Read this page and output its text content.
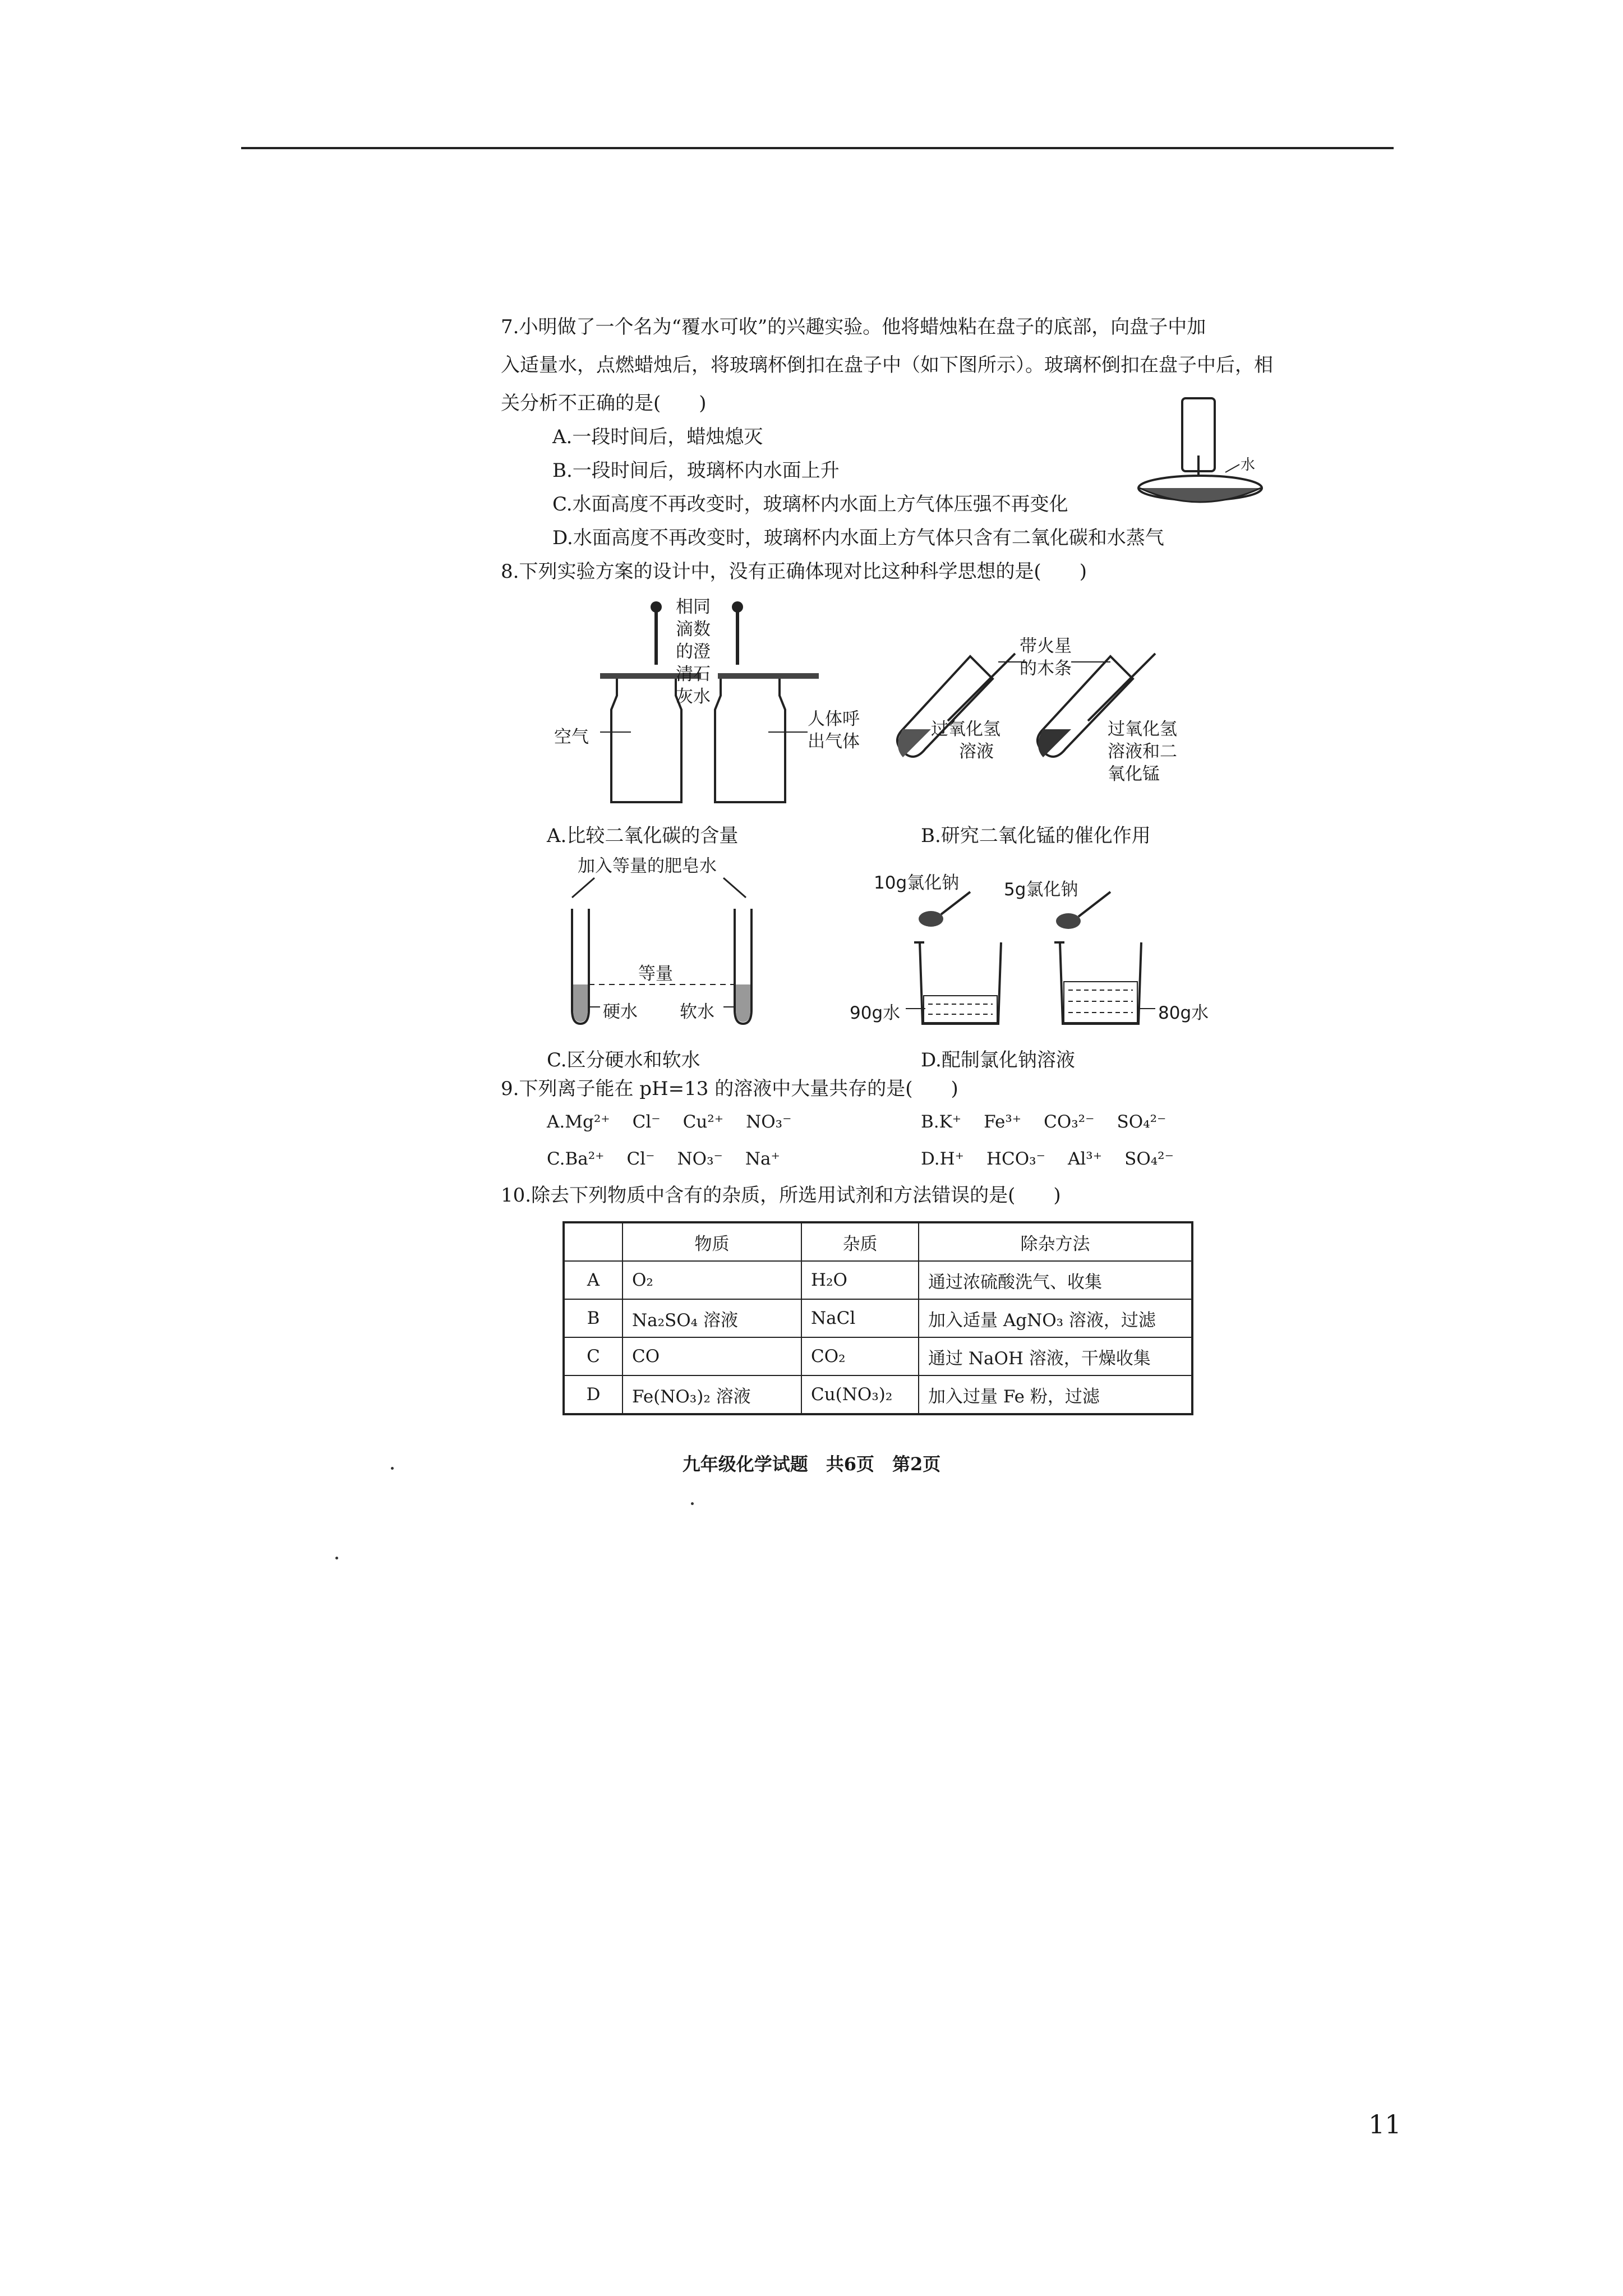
7.小明做了一个名为“覆水可收”的兴趣实验。他将蜡烛粘在盘子的底部，向盘子中加
入适量水，点燃蜡烛后，将玻璃杯倒扣在盘子中（如下图所示）。玻璃杯倒扣在盘子中后，相
关分析不正确的是(　　)
A.一段时间后，蜡烛熄灭
B.一段时间后，玻璃杯内水面上升
C.水面高度不再改变时，玻璃杯内水面上方气体压强不再变化
D.水面高度不再改变时，玻璃杯内水面上方气体只含有二氧化碳和水蒸气
水
8.下列实验方案的设计中，没有正确体现对比这种科学思想的是(　　)
相同
滴数
的澄
清石
灰水
空气
人体呼
出气体
A.比较二氧化碳的含量
带火星
的木条
过氧化氢
溶液
过氧化氢
溶液和二
氧化锰
B.研究二氧化锰的催化作用
加入等量的肥皂水
等量
硬水 软水
C.区分硬水和软水
10g氯化钠	5g氯化钠
90g水	80g水
D.配制氯化钠溶液
9.下列离子能在 pH=13 的溶液中大量共存的是(　　)
A.Mg²⁺ Cl⁻ Cu²⁺ NO₃⁻	B.K⁺ Fe³⁺ CO₃²⁻ SO₄²⁻
C.Ba²⁺ Cl⁻ NO₃⁻ Na⁺	D.H⁺ HCO₃⁻ Al³⁺ SO₄²⁻
10.除去下列物质中含有的杂质，所选用试剂和方法错误的是(　　)
	物质	杂质	除杂方法
A	O₂	H₂O	通过浓硫酸洗气、收集
B	Na₂SO₄ 溶液	NaCl	加入适量 AgNO₃ 溶液，过滤
C	CO	CO₂	通过 NaOH 溶液，干燥收集
D	Fe(NO₃)₂ 溶液	Cu(NO₃)₂	加入过量 Fe 粉，过滤
九年级化学试题　共6页　第2页
11
